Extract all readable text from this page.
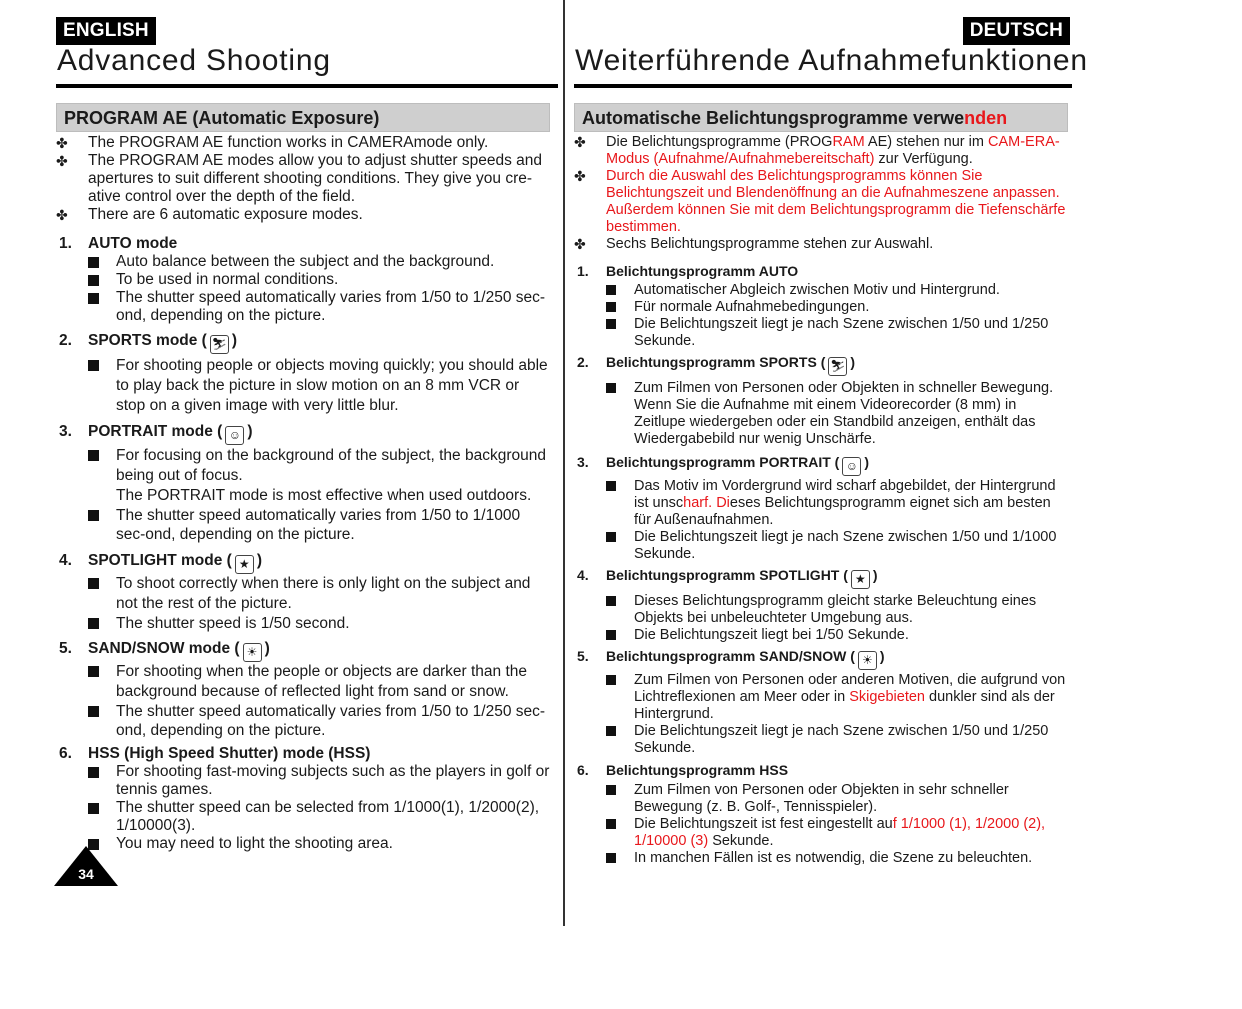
ENGLISH
Advanced Shooting
PROGRAM AE (Automatic Exposure)
✤ The PROGRAM AE function works in CAMERAmode only.
✤ The PROGRAM AE modes allow you to adjust shutter speeds and apertures to suit different shooting conditions. They give you cre-ative control over the depth of the field.
✤ There are 6 automatic exposure modes.
1. AUTO mode
Auto balance between the subject and the background.
To be used in normal conditions.
The shutter speed automatically varies from 1/50 to 1/250 sec-ond, depending on the picture.
2. SPORTS mode ( ⛷ )
For shooting people or objects moving quickly; you should able to play back the picture in slow motion on an 8 mm VCR or stop on a given image with very little blur.
3. PORTRAIT mode ( ☺ )
For focusing on the background of the subject, the background being out of focus.
The PORTRAIT mode is most effective when used outdoors.
The shutter speed automatically varies from 1/50 to 1/1000 sec-ond, depending on the picture.
4. SPOTLIGHT mode ( ★ )
To shoot correctly when there is only light on the subject and not the rest of the picture.
The shutter speed is 1/50 second.
5. SAND/SNOW mode ( ☀ )
For shooting when the people or objects are darker than the background because of reflected light from sand or snow.
The shutter speed automatically varies from 1/50 to 1/250 sec-ond, depending on the picture.
6. HSS (High Speed Shutter) mode (HSS)
For shooting fast-moving subjects such as the players in golf or tennis games.
The shutter speed can be selected from 1/1000(1), 1/2000(2), 1/10000(3).
You may need to light the shooting area.
DEUTSCH
Weiterführende Aufnahmefunktionen
Automatische Belichtungsprogramme verwenden
✤ Die Belichtungsprogramme (PROGRAM AE) stehen nur im CAM-ERA-Modus (Aufnahme/Aufnahmebereitschaft) zur Verfügung.
✤ Durch die Auswahl des Belichtungsprogramms können Sie Belichtungszeit und Blendenöffnung an die Aufnahmeszene anpassen. Außerdem können Sie mit dem Belichtungsprogramm die Tiefenschärfe bestimmen.
✤ Sechs Belichtungsprogramme stehen zur Auswahl.
1. Belichtungsprogramm AUTO
Automatischer Abgleich zwischen Motiv und Hintergrund.
Für normale Aufnahmebedingungen.
Die Belichtungszeit liegt je nach Szene zwischen 1/50 und 1/250 Sekunde.
2. Belichtungsprogramm SPORTS ( ⛷ )
Zum Filmen von Personen oder Objekten in schneller Bewegung. Wenn Sie die Aufnahme mit einem Videorecorder (8 mm) in Zeitlupe wiedergeben oder ein Standbild anzeigen, enthält das Wiedergabebild nur wenig Unschärfe.
3. Belichtungsprogramm PORTRAIT ( ☺ )
Das Motiv im Vordergrund wird scharf abgebildet, der Hintergrund ist unscharf. Dieses Belichtungsprogramm eignet sich am besten für Außenaufnahmen.
Die Belichtungszeit liegt je nach Szene zwischen 1/50 und 1/1000 Sekunde.
4. Belichtungsprogramm SPOTLIGHT ( ★ )
Dieses Belichtungsprogramm gleicht starke Beleuchtung eines Objekts bei unbeleuchteter Umgebung aus.
Die Belichtungszeit liegt bei 1/50 Sekunde.
5. Belichtungsprogramm SAND/SNOW ( ☀ )
Zum Filmen von Personen oder anderen Motiven, die aufgrund von Lichtreflexionen am Meer oder in Skigebieten dunkler sind als der Hintergrund.
Die Belichtungszeit liegt je nach Szene zwischen 1/50 und 1/250 Sekunde.
6. Belichtungsprogramm HSS
Zum Filmen von Personen oder Objekten in sehr schneller Bewegung (z. B. Golf-, Tennisspieler).
Die Belichtungszeit ist fest eingestellt auf 1/1000 (1), 1/2000 (2), 1/10000 (3) Sekunde.
In manchen Fällen ist es notwendig, die Szene zu beleuchten.
34
